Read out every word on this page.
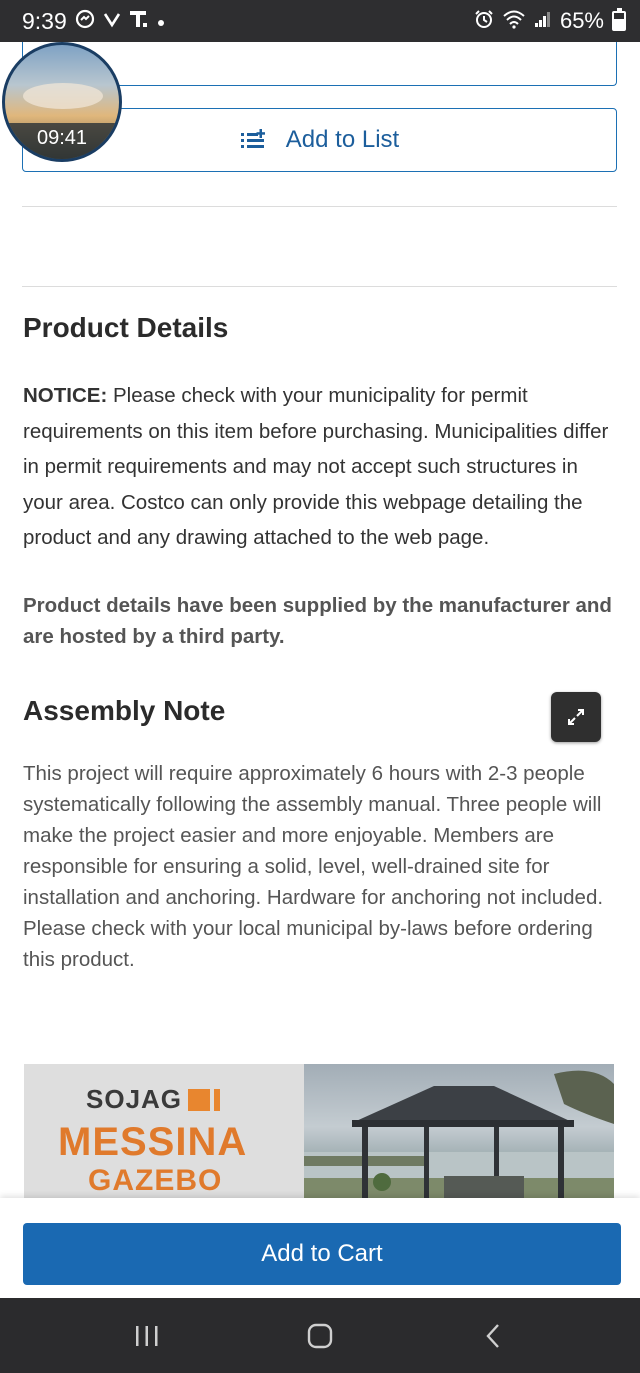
9:39	65%
Add to List
09:41
Product Details

NOTICE: Please check with your municipality for permit requirements on this item before purchasing. Municipalities differ in permit requirements and may not accept such structures in your area. Costco can only provide this webpage detailing the product and any drawing attached to the web page.

Product details have been supplied by the manufacturer and are hosted by a third party.

Assembly Note

This project will require approximately 6 hours with 2-3 people systematically following the assembly manual. Three people will make the project easier and more enjoyable. Members are responsible for ensuring a solid, level, well-drained site for installation and anchoring. Hardware for anchoring not included. Please check with your local municipal by-laws before ordering this product.

SOJAG
MESSINA
GAZEBO
Add to Cart
